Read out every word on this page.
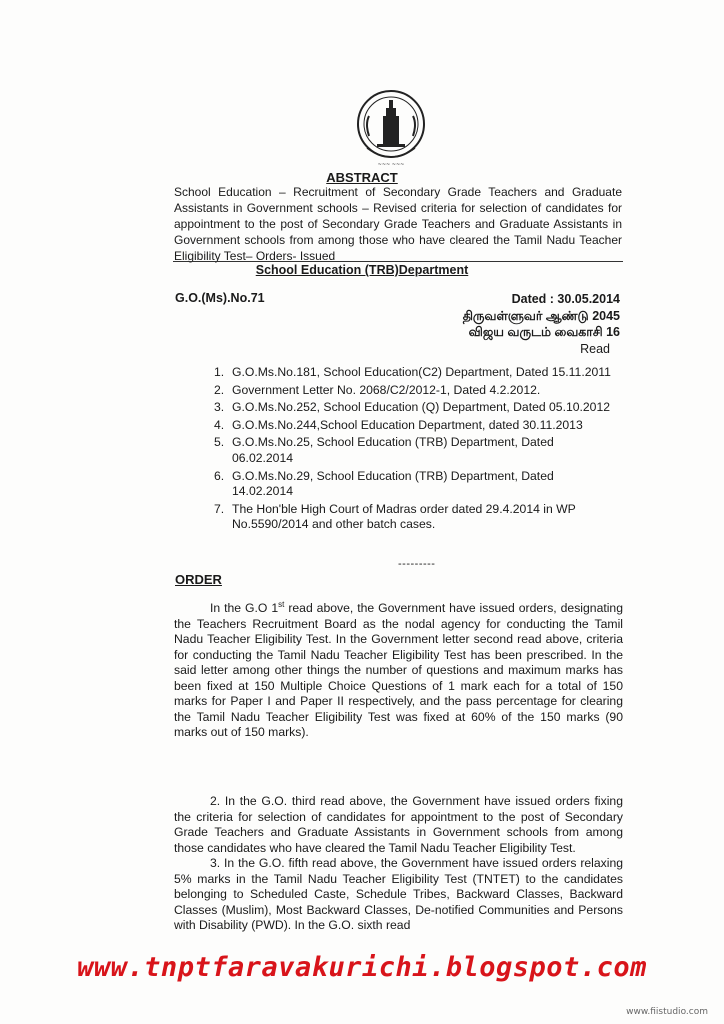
~~~ ~~~
ABSTRACT
School Education – Recruitment of Secondary Grade Teachers and Graduate Assistants in Government schools – Revised criteria for selection of candidates for appointment to the post of Secondary Grade Teachers and Graduate Assistants in Government schools from among those who have cleared the Tamil Nadu Teacher Eligibility Test– Orders- Issued
School Education (TRB)Department
G.O.(Ms).No.71	Dated : 30.05.2014
திருவள்ளுவர் ஆண்டு 2045
விஜய வருடம் வைகாசி 16
Read
1. G.O.Ms.No.181, School Education(C2) Department, Dated 15.11.2011
2. Government Letter No. 2068/C2/2012-1, Dated 4.2.2012.
3. G.O.Ms.No.252, School Education (Q) Department, Dated 05.10.2012
4. G.O.Ms.No.244,School Education Department, dated 30.11.2013
5. G.O.Ms.No.25, School Education (TRB) Department, Dated 06.02.2014
6. G.O.Ms.No.29, School Education (TRB) Department, Dated 14.02.2014
7. The Hon'ble High Court of Madras order dated 29.4.2014 in WP No.5590/2014 and other batch cases.
---------
ORDER

In the G.O 1st read above, the Government have issued orders, designating the Teachers Recruitment Board as the nodal agency for conducting the Tamil Nadu Teacher Eligibility Test. In the Government letter second read above, criteria for conducting the Tamil Nadu Teacher Eligibility Test has been prescribed. In the said letter among other things the number of questions and maximum marks has been fixed at 150 Multiple Choice Questions of 1 mark each for a total of 150 marks for Paper I and Paper II respectively, and the pass percentage for clearing the Tamil Nadu Teacher Eligibility Test was fixed at 60% of the 150 marks (90 marks out of 150 marks).

2. In the G.O. third read above, the Government have issued orders fixing the criteria for selection of candidates for appointment to the post of Secondary Grade Teachers and Graduate Assistants in Government schools from among those candidates who have cleared the Tamil Nadu Teacher Eligibility Test.

3. In the G.O. fifth read above, the Government have issued orders relaxing 5% marks in the Tamil Nadu Teacher Eligibility Test (TNTET) to the candidates belonging to Scheduled Caste, Schedule Tribes, Backward Classes, Backward Classes (Muslim), Most Backward Classes, De-notified Communities and Persons with Disability (PWD). In the G.O. sixth read

www.tnptfaravakurichi.blogspot.com
www.fiistudio.com
